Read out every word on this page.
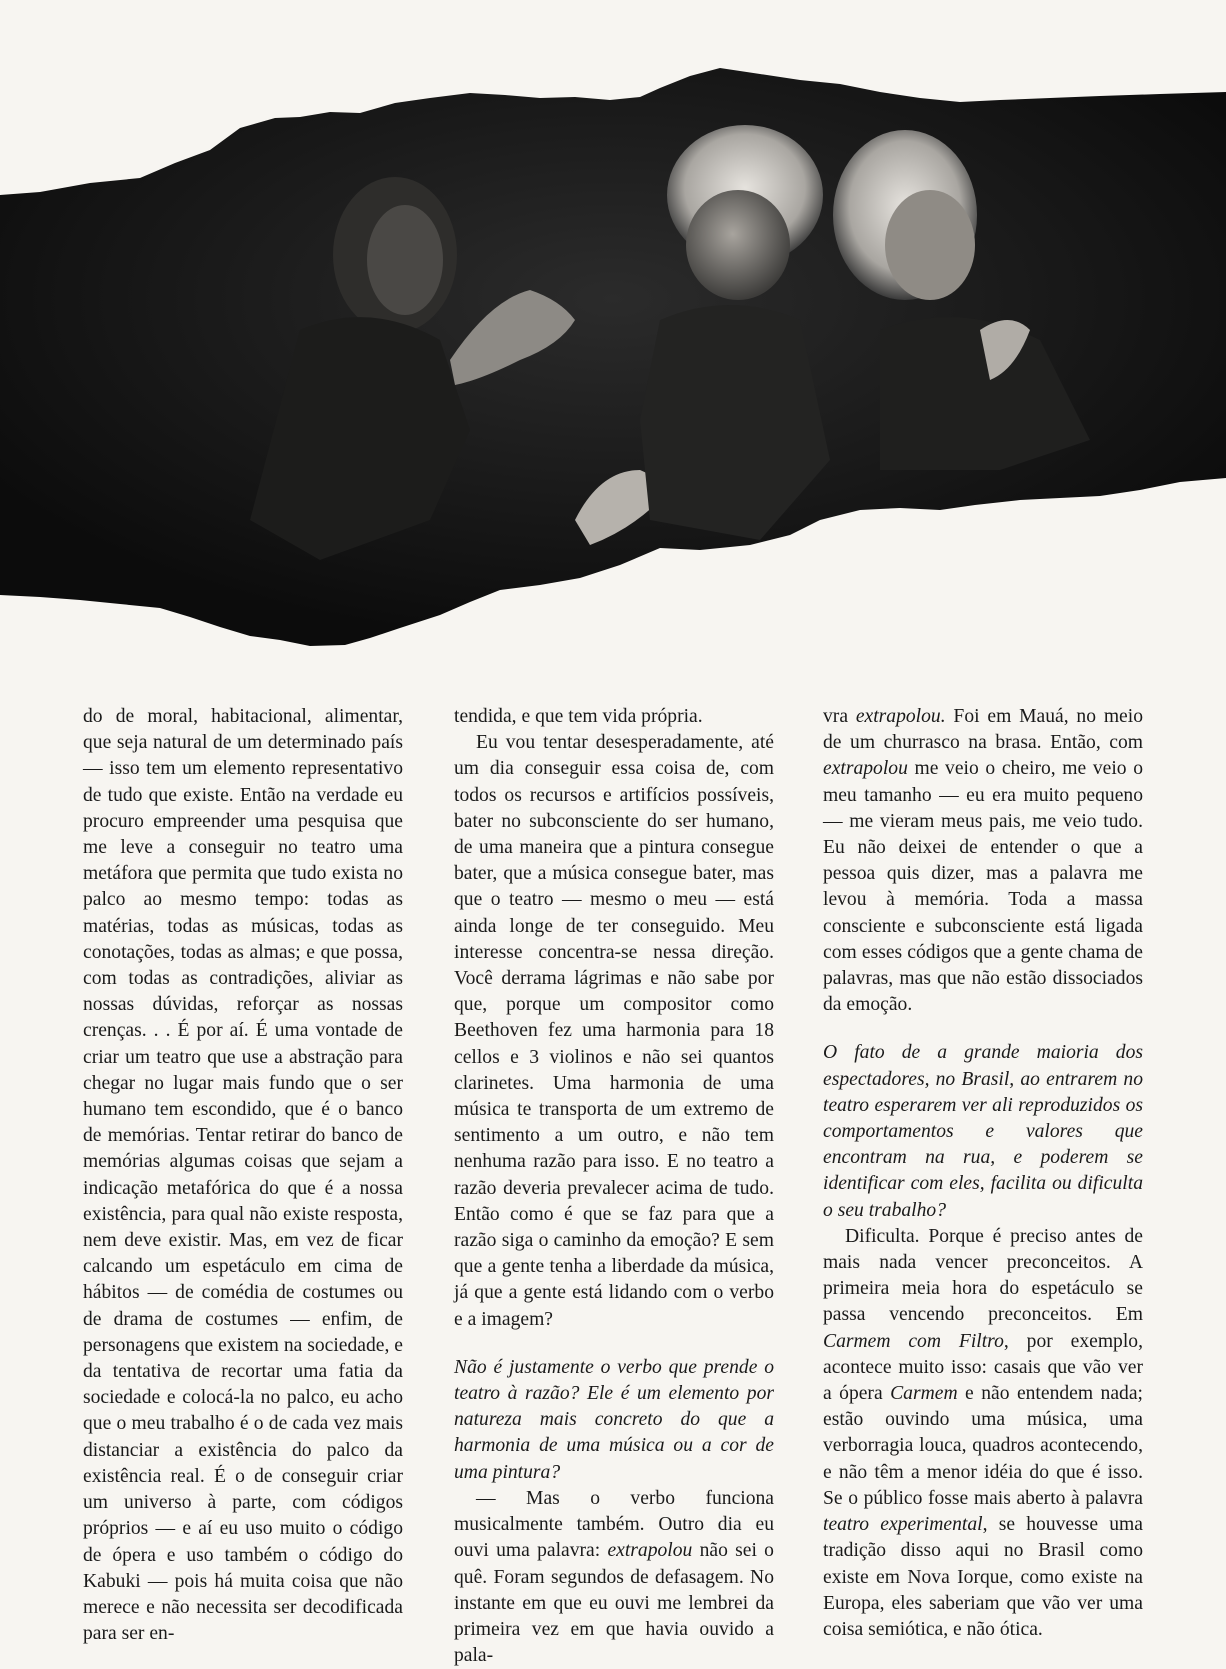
do de moral, habitacional, alimentar, que seja natural de um determinado país — isso tem um elemento representativo de tudo que existe. Então na verdade eu procuro empreender uma pesquisa que me leve a conseguir no teatro uma metáfora que permita que tudo exista no palco ao mesmo tempo: todas as matérias, todas as músicas, todas as conotações, todas as almas; e que possa, com todas as contradições, aliviar as nossas dúvidas, reforçar as nossas crenças. . . É por aí. É uma vontade de criar um teatro que use a abstração para chegar no lugar mais fundo que o ser humano tem escondido, que é o banco de memórias. Tentar retirar do banco de memórias algumas coisas que sejam a indicação metafórica do que é a nossa existência, para qual não existe resposta, nem deve existir. Mas, em vez de ficar calcando um espetáculo em cima de hábitos — de comédia de costumes ou de drama de costumes — enfim, de personagens que existem na sociedade, e da tentativa de recortar uma fatia da sociedade e colocá-la no palco, eu acho que o meu trabalho é o de cada vez mais distanciar a existência do palco da existência real. É o de conseguir criar um universo à parte, com códigos próprios — e aí eu uso muito o código de ópera e uso também o código do Kabuki — pois há muita coisa que não merece e não necessita ser decodificada para ser en-

tendida, e que tem vida própria.

Eu vou tentar desesperadamente, até um dia conseguir essa coisa de, com todos os recursos e artifícios possíveis, bater no subconsciente do ser humano, de uma maneira que a pintura consegue bater, que a música consegue bater, mas que o teatro — mesmo o meu — está ainda longe de ter conseguido. Meu interesse concentra-se nessa direção. Você derrama lágrimas e não sabe por que, porque um compositor como Beethoven fez uma harmonia para 18 cellos e 3 violinos e não sei quantos clarinetes. Uma harmonia de uma música te transporta de um extremo de sentimento a um outro, e não tem nenhuma razão para isso. E no teatro a razão deveria prevalecer acima de tudo. Então como é que se faz para que a razão siga o caminho da emoção? E sem que a gente tenha a liberdade da música, já que a gente está lidando com o verbo e a imagem?

Não é justamente o verbo que prende o teatro à razão? Ele é um elemento por natureza mais concreto do que a harmonia de uma música ou a cor de uma pintura?

— Mas o verbo funciona musicalmente também. Outro dia eu ouvi uma palavra: extrapolou não sei o quê. Foram segundos de defasagem. No instante em que eu ouvi me lembrei da primeira vez em que havia ouvido a pala-

vra extrapolou. Foi em Mauá, no meio de um churrasco na brasa. Então, com extrapolou me veio o cheiro, me veio o meu tamanho — eu era muito pequeno — me vieram meus pais, me veio tudo. Eu não deixei de entender o que a pessoa quis dizer, mas a palavra me levou à memória. Toda a massa consciente e subconsciente está ligada com esses códigos que a gente chama de palavras, mas que não estão dissociados da emoção.

O fato de a grande maioria dos espectadores, no Brasil, ao entrarem no teatro esperarem ver ali reproduzidos os comportamentos e valores que encontram na rua, e poderem se identificar com eles, facilita ou dificulta o seu trabalho?

Dificulta. Porque é preciso antes de mais nada vencer preconceitos. A primeira meia hora do espetáculo se passa vencendo preconceitos. Em Carmem com Filtro, por exemplo, acontece muito isso: casais que vão ver a ópera Carmem e não entendem nada; estão ouvindo uma música, uma verborragia louca, quadros acontecendo, e não têm a menor idéia do que é isso. Se o público fosse mais aberto à palavra teatro experimental, se houvesse uma tradição disso aqui no Brasil como existe em Nova Iorque, como existe na Europa, eles saberiam que vão ver uma coisa semiótica, e não ótica.
